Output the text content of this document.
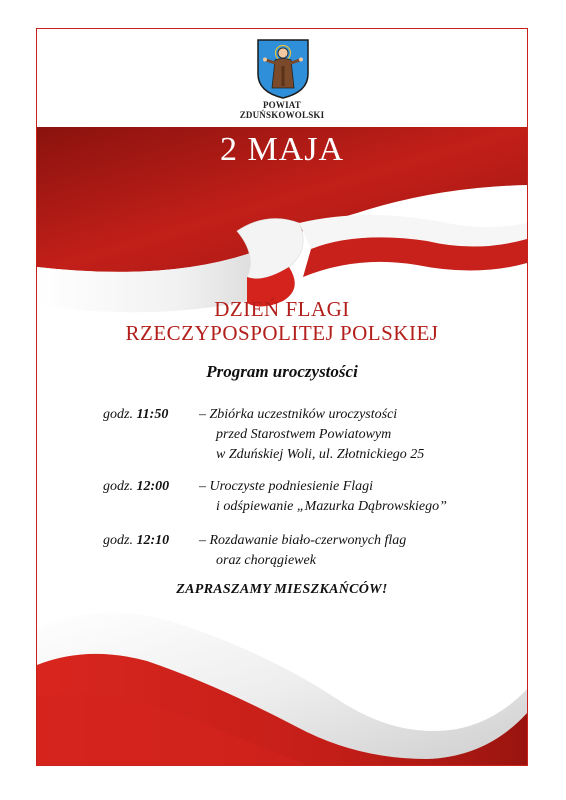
POWIAT
ZDUŃSKOWOLSKI
2 MAJA
DZIEŃ FLAGI
RZECZYPOSPOLITEJ POLSKIEJ
Program uroczystości
godz. 11:50 – Zbiórka uczestników uroczystości
przed Starostwem Powiatowym
w Zduńskiej Woli, ul. Złotnickiego 25
godz. 12:00 – Uroczyste podniesienie Flagi
i odśpiewanie „Mazurka Dąbrowskiego”
godz. 12:10 – Rozdawanie biało-czerwonych flag
oraz chorągiewek
ZAPRASZAMY MIESZKAŃCÓW!
